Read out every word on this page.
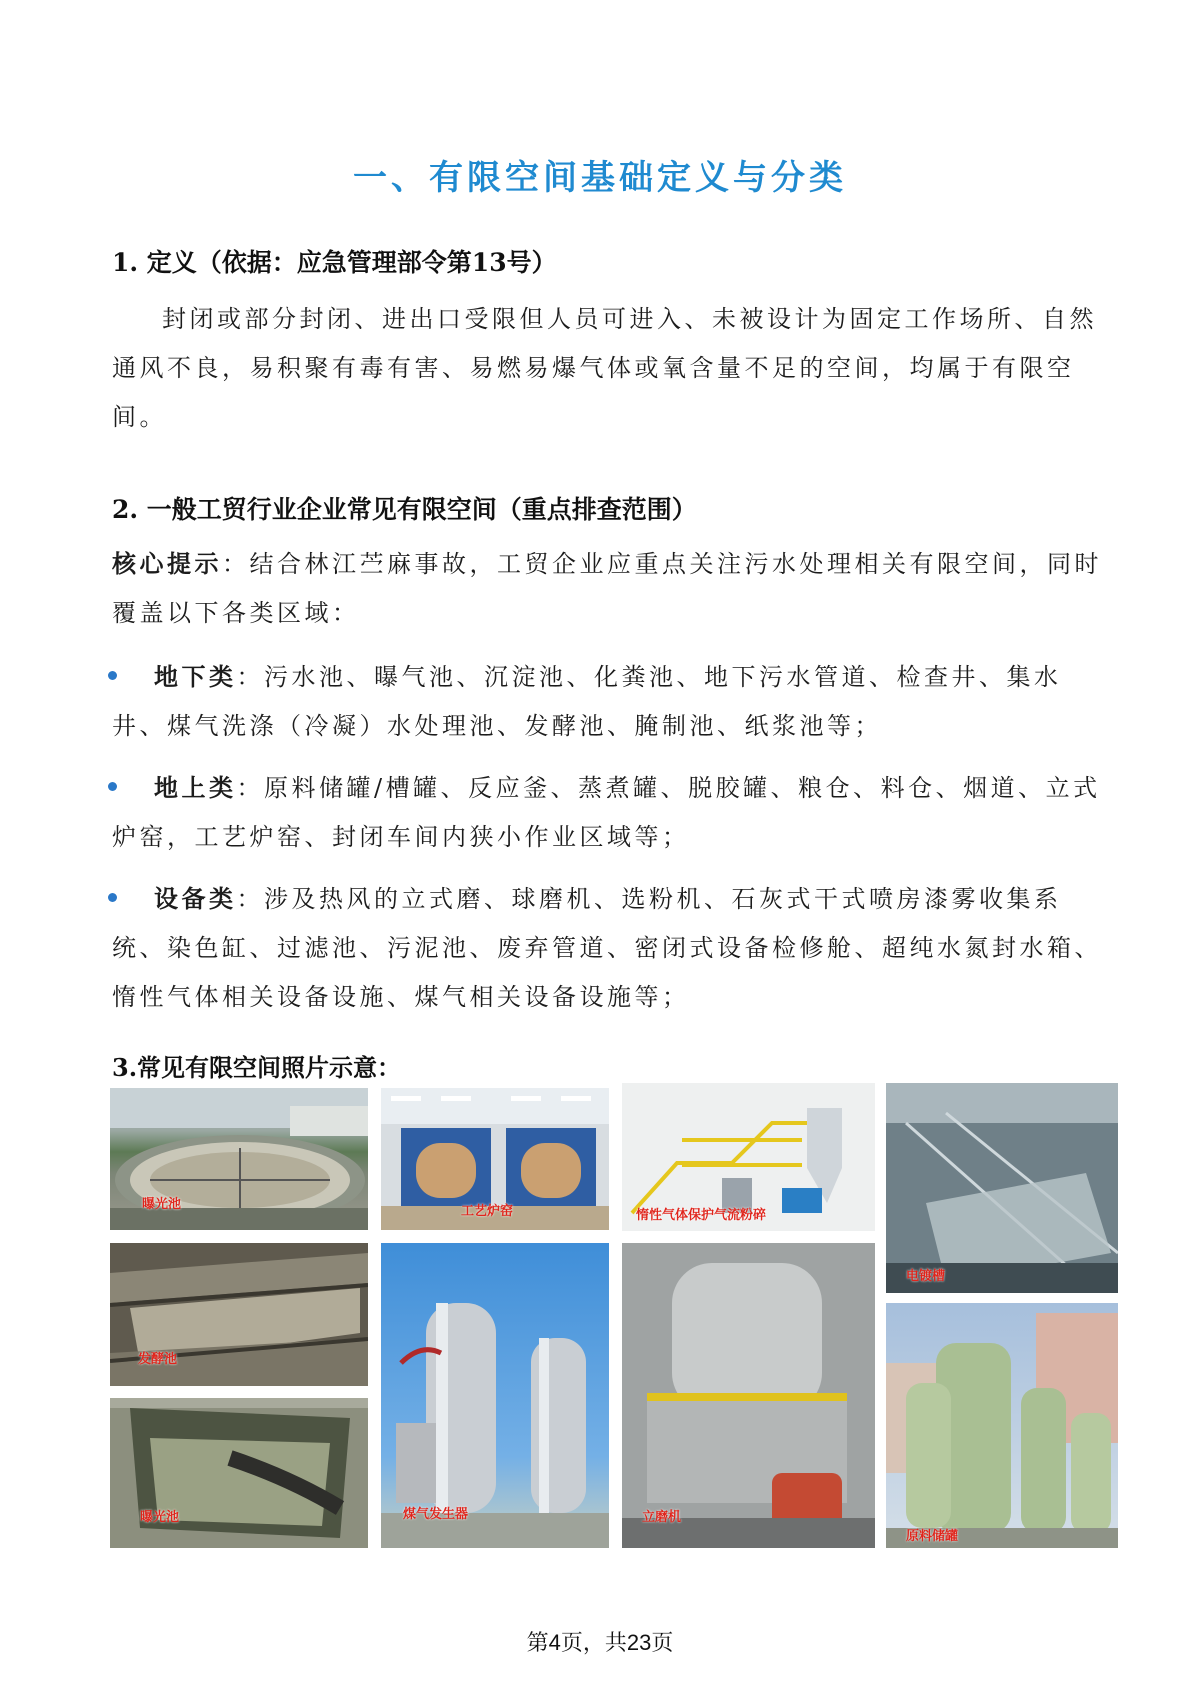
一、有限空间基础定义与分类
1. 定义（依据：应急管理部令第13号）
封闭或部分封闭、进出口受限但人员可进入、未被设计为固定工作场所、自然通风不良，易积聚有毒有害、易燃易爆气体或氧含量不足的空间，均属于有限空间。
2. 一般工贸行业企业常见有限空间（重点排查范围）
核心提示：结合林江苎麻事故，工贸企业应重点关注污水处理相关有限空间，同时覆盖以下各类区域：
地下类：污水池、曝气池、沉淀池、化粪池、地下污水管道、检查井、集水井、煤气洗涤（冷凝）水处理池、发酵池、腌制池、纸浆池等；
地上类：原料储罐/槽罐、反应釜、蒸煮罐、脱胶罐、粮仓、料仓、烟道、立式炉窑，工艺炉窑、封闭车间内狭小作业区域等；
设备类：涉及热风的立式磨、球磨机、选粉机、石灰式干式喷房漆雾收集系统、染色缸、过滤池、污泥池、废弃管道、密闭式设备检修舱、超纯水氮封水箱、惰性气体相关设备设施、煤气相关设备设施等；
3.常见有限空间照片示意：
曝光池	工艺炉窑	惰性气体保护气流粉碎
电镀槽
发酵池
煤气发生器	立磨机
原料储罐
曝光池
第4页，共23页
